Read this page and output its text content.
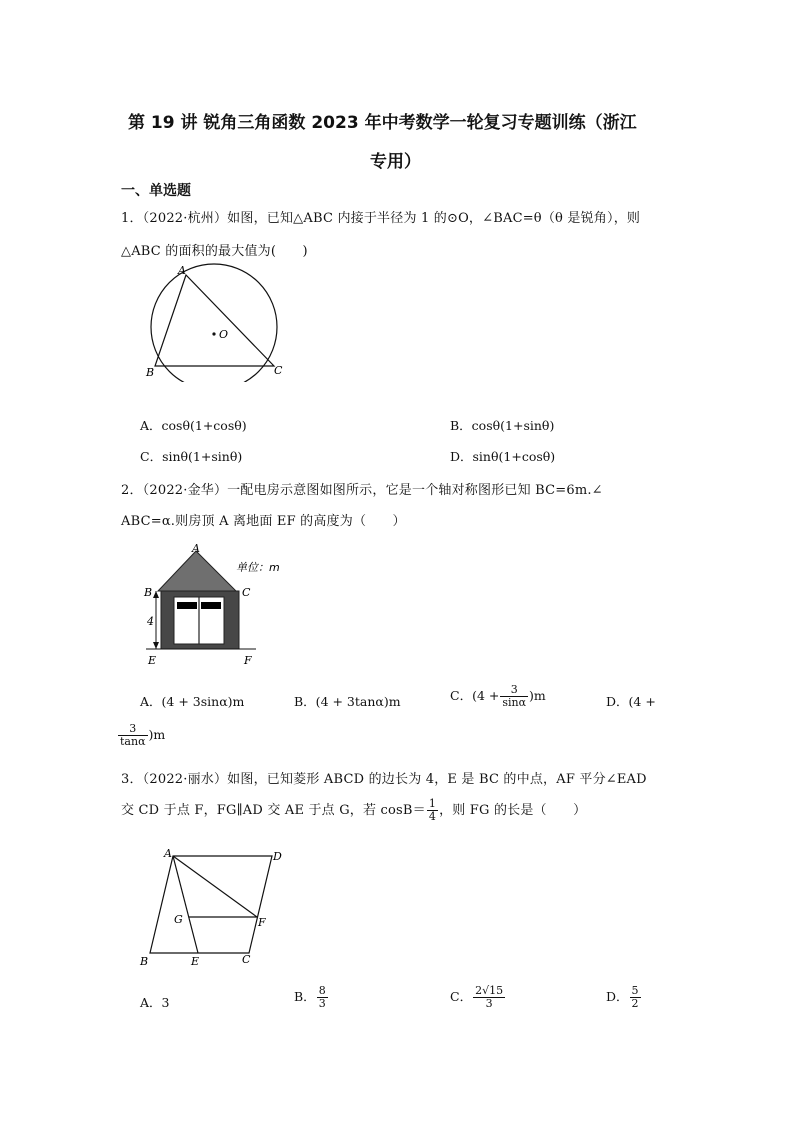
第 19 讲 锐角三角函数 2023 年中考数学一轮复习专题训练（浙江
专用）
一、单选题
1．（2022·杭州）如图，已知△ABC 内接于半径为 1 的⊙O，∠BAC=θ（θ 是锐角），则
△ABC 的面积的最大值为(　　)
A
B	C
O
A．cosθ(1+cosθ)	B．cosθ(1+sinθ)
C．sinθ(1+sinθ)	D．sinθ(1+cosθ)
2．（2022·金华）一配电房示意图如图所示，它是一个轴对称图形已知 BC=6m.∠
ABC=α.则房顶 A 离地面 EF 的高度为（　　）
A
B	C
4
E	F
单位：m
A．(4 + 3sinα)m	B．(4 + 3tanα)m	C．$(4 + \frac{3}{\sin\alpha} )m$	D．(4 +
$\frac{3}{\tan\alpha} )m$
3．（2022·丽水）如图，已知菱形 ABCD 的边长为 4，E 是 BC 的中点，AF 平分∠EAD
交 CD 于点 F，FG∥AD 交 AE 于点 G，若 $\cos B= \frac{1}{4}$ ，则 FG 的长是（　　）
A	D
B	E	C
G	F
A．3	B． $\frac{8}{3}$	C． $\frac{2√15}{3}$	D． $\frac{5}{2}$
